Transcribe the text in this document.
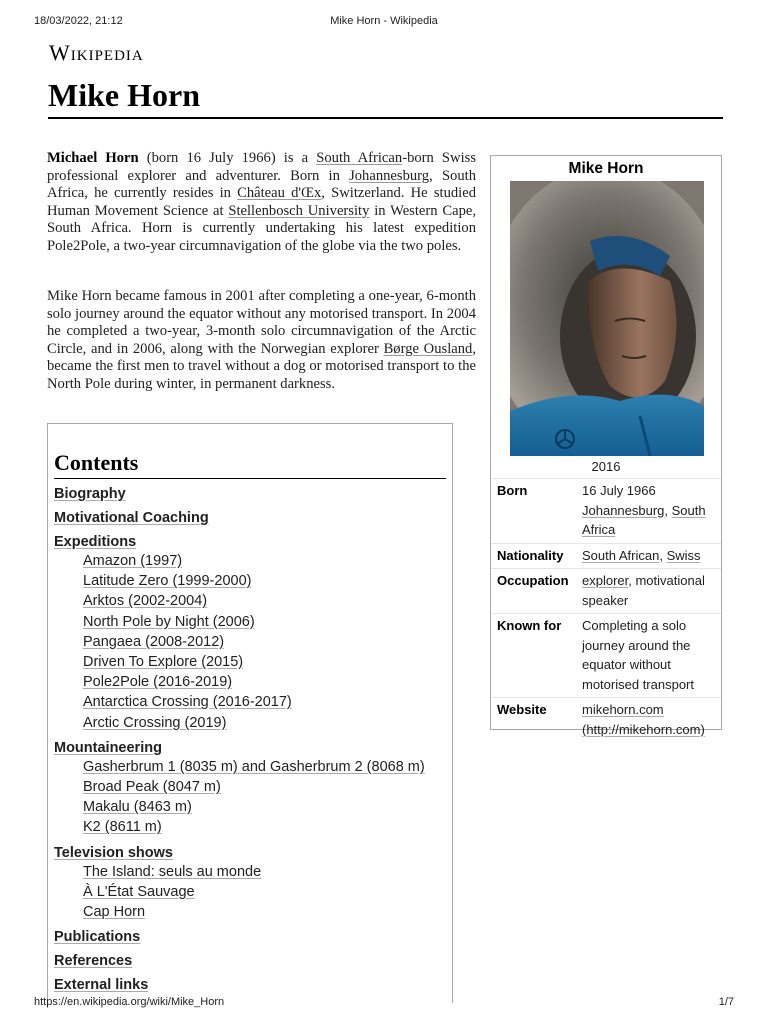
18/03/2022, 21:12	Mike Horn - Wikipedia
Wikipedia
Mike Horn

Michael Horn (born 16 July 1966) is a South African-born Swiss professional explorer and adventurer. Born in Johannesburg, South Africa, he currently resides in Château d'Œx, Switzerland. He studied Human Movement Science at Stellenbosch University in Western Cape, South Africa. Horn is currently undertaking his latest expedition Pole2Pole, a two-year circumnavigation of the globe via the two poles.

Mike Horn became famous in 2001 after completing a one-year, 6-month solo journey around the equator without any motorised transport. In 2004 he completed a two-year, 3-month solo circumnavigation of the Arctic Circle, and in 2006, along with the Norwegian explorer Børge Ousland, became the first men to travel without a dog or motorised transport to the North Pole during winter, in permanent darkness.

Contents
Biography
Motivational Coaching
Expeditions
Amazon (1997)
Latitude Zero (1999-2000)
Arktos (2002-2004)
North Pole by Night (2006)
Pangaea (2008-2012)
Driven To Explore (2015)
Pole2Pole (2016-2019)
Antarctica Crossing (2016-2017)
Arctic Crossing (2019)
Mountaineering
Gasherbrum 1 (8035 m) and Gasherbrum 2 (8068 m)
Broad Peak (8047 m)
Makalu (8463 m)
K2 (8611 m)
Television shows
The Island: seuls au monde
À L'État Sauvage
Cap Horn
Publications
References
External links
Mike Horn
2016
Born	16 July 1966
Johannesburg, South Africa
Nationality	South African, Swiss
Occupation	explorer, motivational speaker
Known for	Completing a solo journey around the equator without motorised transport
Website	mikehorn.com (http://mikehorn.com)
https://en.wikipedia.org/wiki/Mike_Horn	1/7
